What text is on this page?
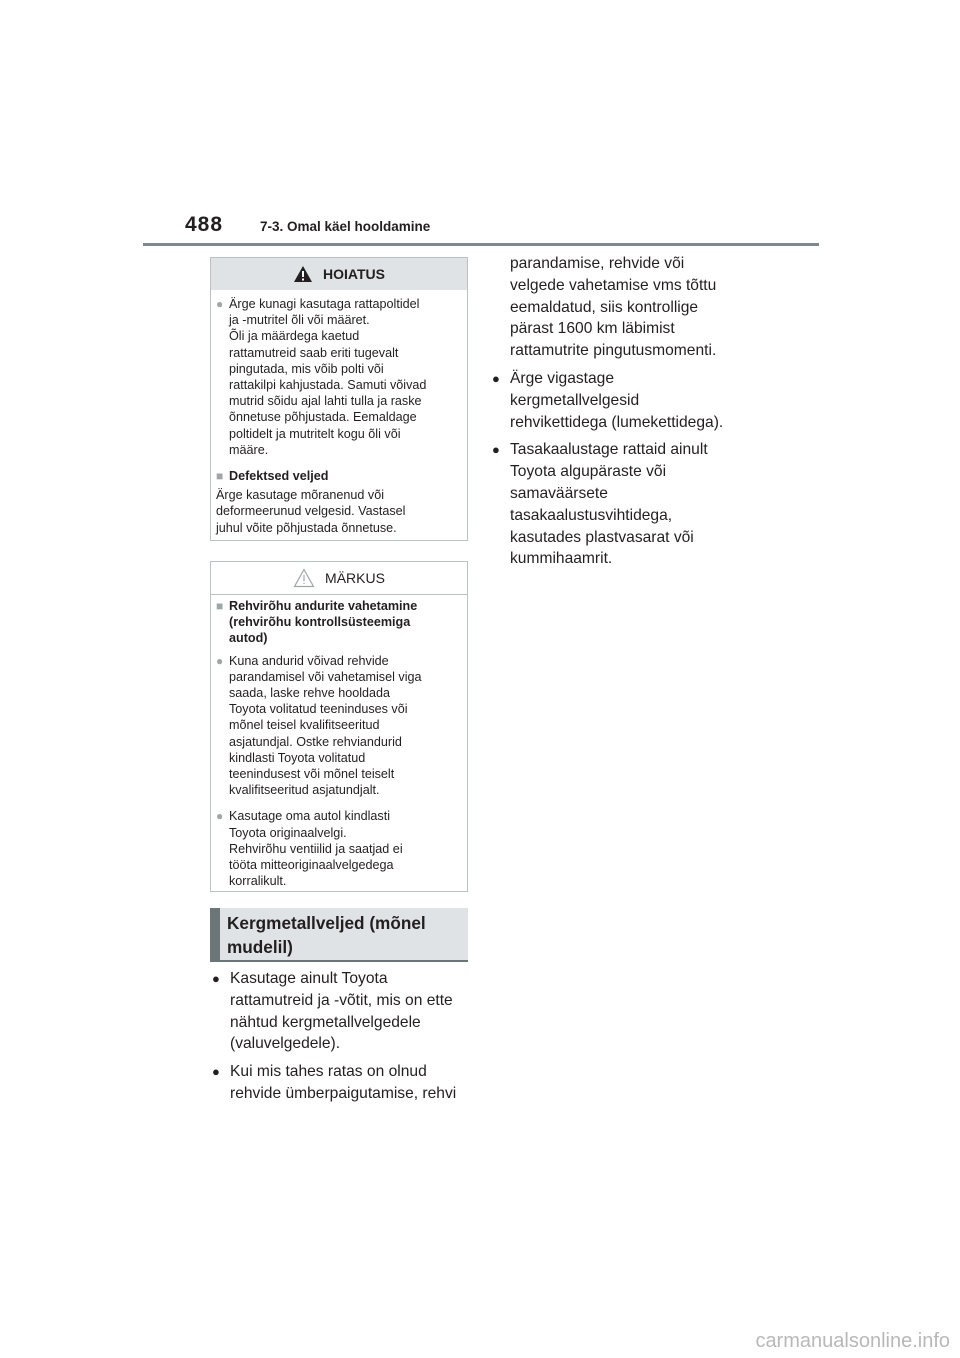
488	7-3. Omal käel hooldamine
HOIATUS
● Ärge kunagi kasutaga rattapoltidel
ja -mutritel õli või määret.
Õli ja määrdega kaetud
rattamutreid saab eriti tugevalt
pingutada, mis võib polti või
rattakilpi kahjustada. Samuti võivad
mutrid sõidu ajal lahti tulla ja raske
õnnetuse põhjustada. Eemaldage
poltidelt ja mutritelt kogu õli või
määre.
■ Defektsed veljed
Ärge kasutage mõranenud või
deformeerunud velgesid. Vastasel
juhul võite põhjustada õnnetuse.
MÄRKUS
■ Rehvirõhu andurite vahetamine
(rehvirõhu kontrollsüsteemiga
autod)
● Kuna andurid võivad rehvide
parandamisel või vahetamisel viga
saada, laske rehve hooldada
Toyota volitatud teeninduses või
mõnel teisel kvalifitseeritud
asjatundjal. Ostke rehviandurid
kindlasti Toyota volitatud
teenindusest või mõnel teiselt
kvalifitseeritud asjatundjalt.
● Kasutage oma autol kindlasti
Toyota originaalvelgi.
Rehvirõhu ventiilid ja saatjad ei
tööta mitteoriginaalvelgedega
korralikult.
Kergmetallveljed (mõnel
mudelil)
● Kasutage ainult Toyota
rattamutreid ja -võtit, mis on ette
nähtud kergmetallvelgedele
(valuvelgedele).
● Kui mis tahes ratas on olnud
rehvide ümberpaigutamise, rehvi
parandamise, rehvide või
velgede vahetamise vms tõttu
eemaldatud, siis kontrollige
pärast 1600 km läbimist
rattamutrite pingutusmomenti.
● Ärge vigastage
kergmetallvelgesid
rehvikettidega (lumekettidega).
● Tasakaalustage rattaid ainult
Toyota algupäraste või
samaväärsete
tasakaalustusvihtidega,
kasutades plastvasarat või
kummihaamrit.
carmanualsonline.info
